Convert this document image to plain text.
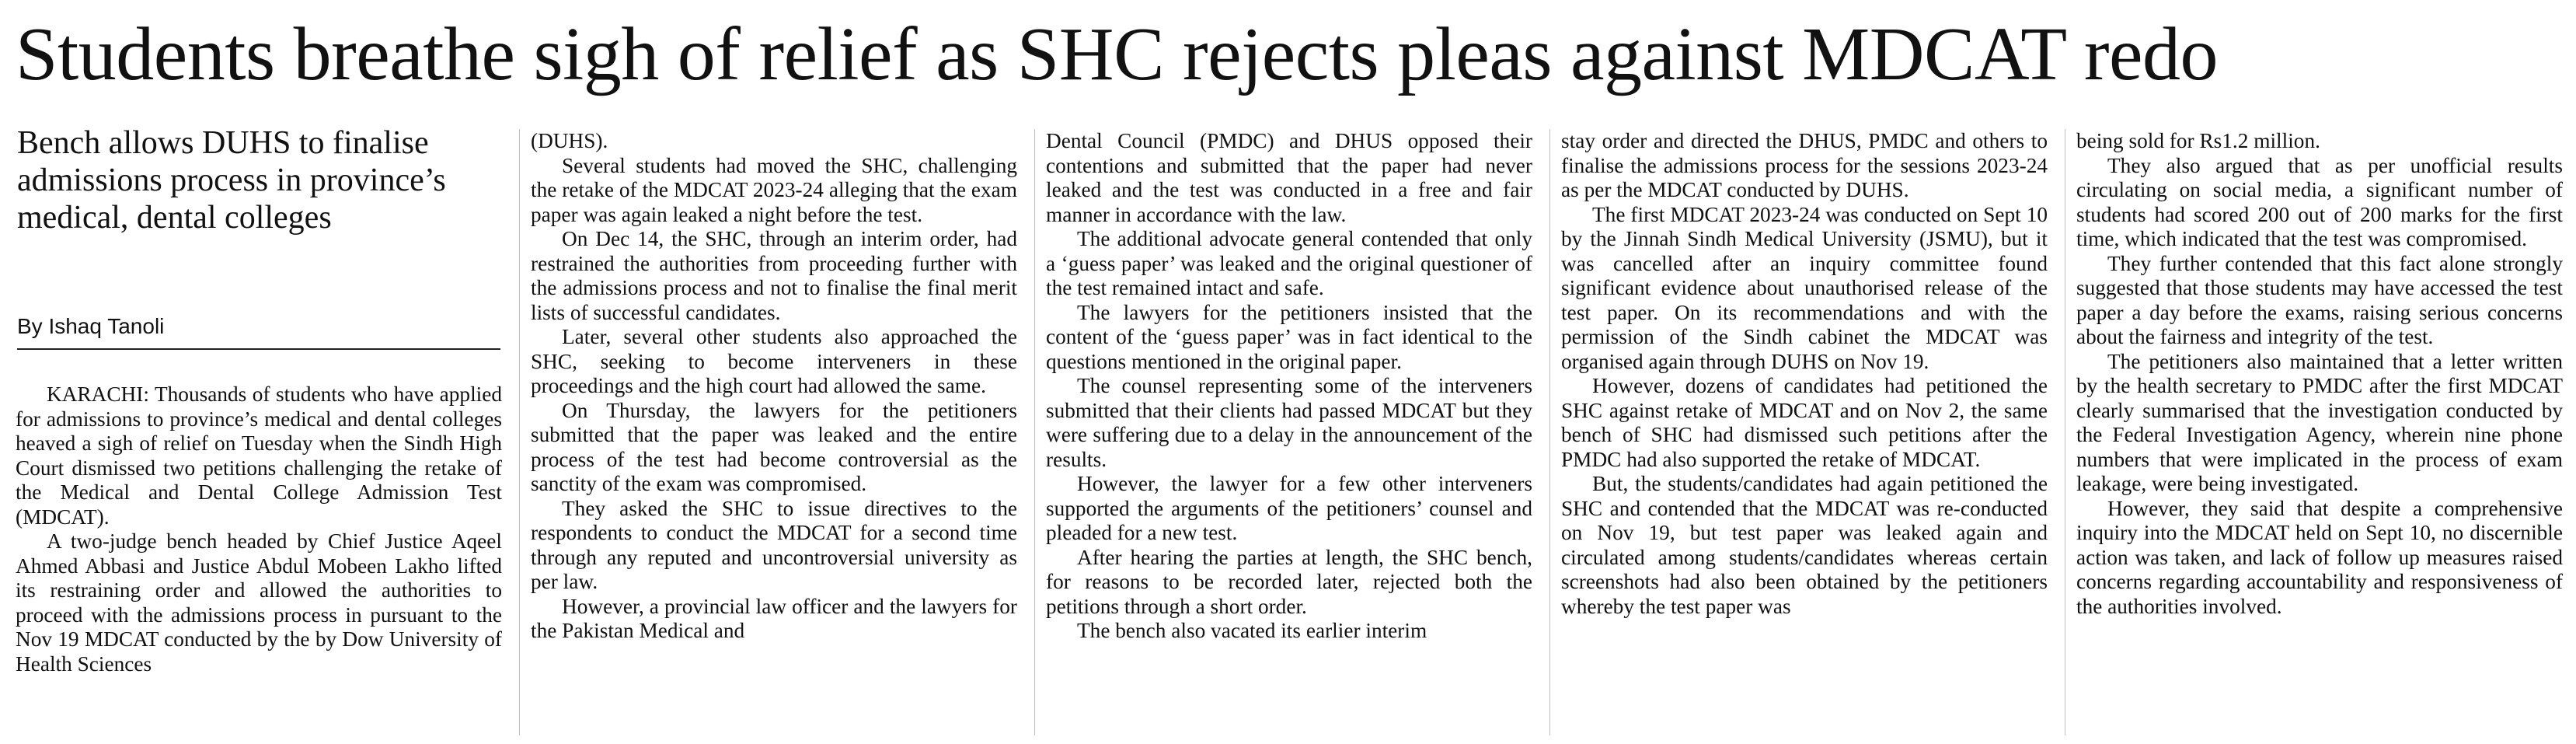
Students breathe sigh of relief as SHC rejects pleas against MDCAT redo
Bench allows DUHS to finalise admissions process in province’s medical, dental colleges
By Ishaq Tanoli

KARACHI: Thousands of students who have applied for admissions to province’s medical and dental colleges heaved a sigh of relief on Tuesday when the Sindh High Court dismissed two petitions challenging the retake of the Medical and Dental College Admission Test (MDCAT).

A two-judge bench headed by Chief Justice Aqeel Ahmed Abbasi and Justice Abdul Mobeen Lakho lifted its restraining order and allowed the authorities to proceed with the admissions process in pursuant to the Nov 19 MDCAT conducted by the by Dow University of Health Sciences

(DUHS).

Several students had moved the SHC, challenging the retake of the MDCAT 2023-24 alleging that the exam paper was again leaked a night before the test.

On Dec 14, the SHC, through an interim order, had restrained the authorities from proceeding further with the admissions process and not to finalise the final merit lists of successful candidates.

Later, several other students also approached the SHC, seeking to become interveners in these proceedings and the high court had allowed the same.

On Thursday, the lawyers for the petitioners submitted that the paper was leaked and the entire process of the test had become controversial as the sanctity of the exam was compromised.

They asked the SHC to issue directives to the respondents to conduct the MDCAT for a second time through any reputed and uncontroversial university as per law.

However, a provincial law officer and the lawyers for the Pakistan Medical and

Dental Council (PMDC) and DHUS opposed their contentions and submitted that the paper had never leaked and the test was conducted in a free and fair manner in accordance with the law.

The additional advocate general contended that only a ‘guess paper’ was leaked and the original questioner of the test remained intact and safe.

The lawyers for the petitioners insisted that the content of the ‘guess paper’ was in fact identical to the questions mentioned in the original paper.

The counsel representing some of the interveners submitted that their clients had passed MDCAT but they were suffering due to a delay in the announcement of the results.

However, the lawyer for a few other interveners supported the arguments of the petitioners’ counsel and pleaded for a new test.

After hearing the parties at length, the SHC bench, for reasons to be recorded later, rejected both the petitions through a short order.

The bench also vacated its earlier interim

stay order and directed the DHUS, PMDC and others to finalise the admissions process for the sessions 2023-24 as per the MDCAT conducted by DUHS.

The first MDCAT 2023-24 was conducted on Sept 10 by the Jinnah Sindh Medical University (JSMU), but it was cancelled after an inquiry committee found significant evidence about unauthorised release of the test paper. On its recommendations and with the permission of the Sindh cabinet the MDCAT was organised again through DUHS on Nov 19.

However, dozens of candidates had petitioned the SHC against retake of MDCAT and on Nov 2, the same bench of SHC had dismissed such petitions after the PMDC had also supported the retake of MDCAT.

But, the students/candidates had again petitioned the SHC and contended that the MDCAT was re-conducted on Nov 19, but test paper was leaked again and circulated among students/candidates whereas certain screenshots had also been obtained by the petitioners whereby the test paper was

being sold for Rs1.2 million.

They also argued that as per unofficial results circulating on social media, a significant number of students had scored 200 out of 200 marks for the first time, which indicated that the test was compromised.

They further contended that this fact alone strongly suggested that those students may have accessed the test paper a day before the exams, raising serious concerns about the fairness and integrity of the test.

The petitioners also maintained that a letter written by the health secretary to PMDC after the first MDCAT clearly summarised that the investigation conducted by the Federal Investigation Agency, wherein nine phone numbers that were implicated in the process of exam leakage, were being investigated.

However, they said that despite a comprehensive inquiry into the MDCAT held on Sept 10, no discernible action was taken, and lack of follow up measures raised concerns regarding accountability and responsiveness of the authorities involved.
